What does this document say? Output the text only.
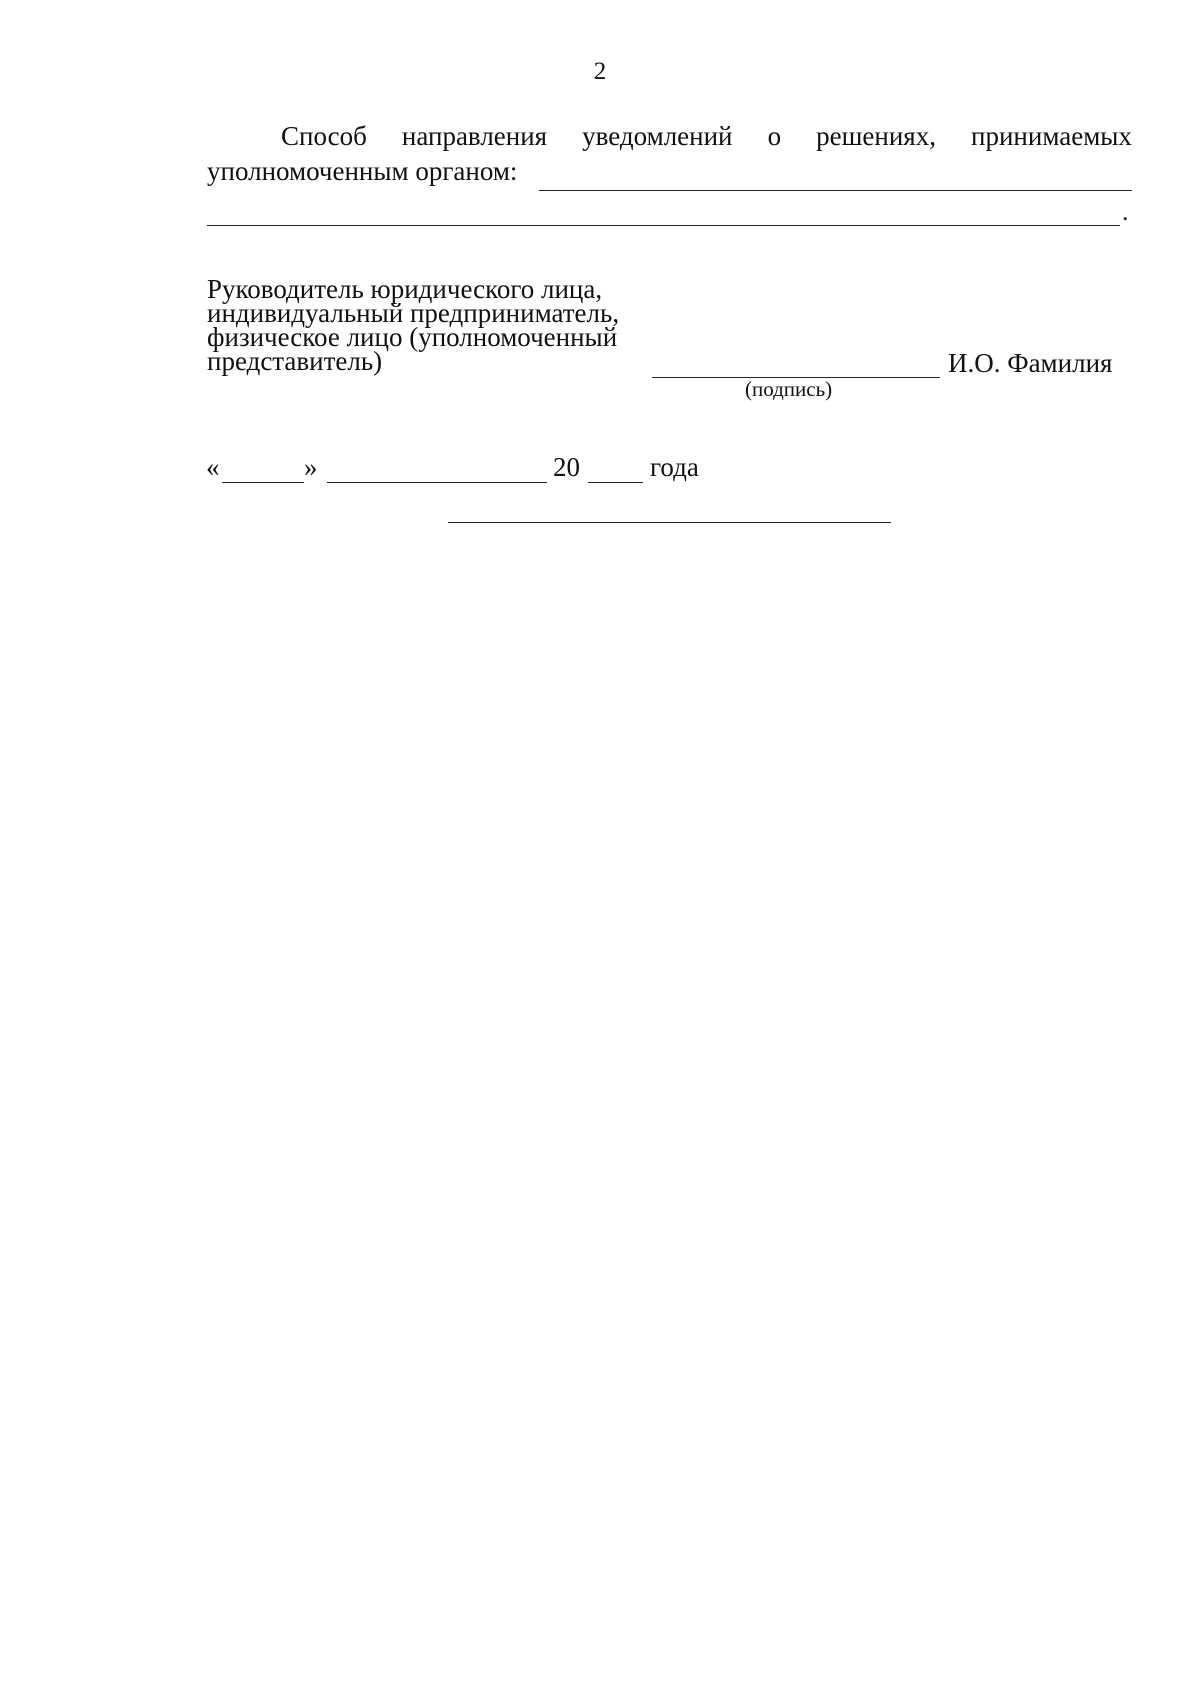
2
Способ направления уведомлений о решениях, принимаемых
уполномоченным органом:
.
Руководитель юридического лица,
индивидуальный предприниматель,
физическое лицо (уполномоченный
представитель)	И.О. Фамилия
(подпись)
«	»	20	года
